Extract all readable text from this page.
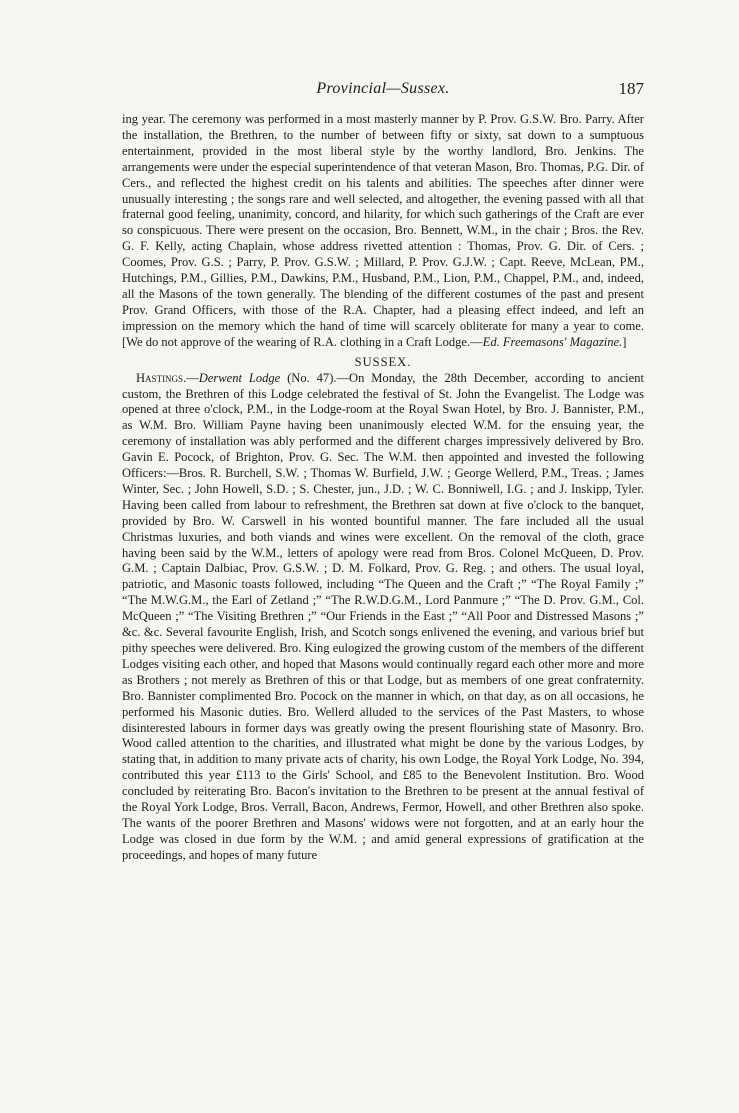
Provincial—Sussex.	187

ing year. The ceremony was performed in a most masterly manner by P. Prov. G.S.W. Bro. Parry. After the installation, the Brethren, to the number of between fifty or sixty, sat down to a sumptuous entertainment, provided in the most liberal style by the worthy landlord, Bro. Jenkins. The arrangements were under the especial superintendence of that veteran Mason, Bro. Thomas, P.G. Dir. of Cers., and reflected the highest credit on his talents and abilities. The speeches after dinner were unusually interesting ; the songs rare and well selected, and altogether, the evening passed with all that fraternal good feeling, unanimity, concord, and hilarity, for which such gatherings of the Craft are ever so conspicuous. There were present on the occasion, Bro. Bennett, W.M., in the chair ; Bros. the Rev. G. F. Kelly, acting Chaplain, whose address rivetted attention : Thomas, Prov. G. Dir. of Cers. ; Coomes, Prov. G.S. ; Parry, P. Prov. G.S.W. ; Millard, P. Prov. G.J.W. ; Capt. Reeve, McLean, PM., Hutchings, P.M., Gillies, P.M., Dawkins, P.M., Husband, P.M., Lion, P.M., Chappel, P.M., and, indeed, all the Masons of the town generally. The blending of the different costumes of the past and present Prov. Grand Officers, with those of the R.A. Chapter, had a pleasing effect indeed, and left an impression on the memory which the hand of time will scarcely obliterate for many a year to come. [We do not approve of the wearing of R.A. clothing in a Craft Lodge.—Ed. Freemasons' Magazine.]

SUSSEX.

Hastings.—Derwent Lodge (No. 47).—On Monday, the 28th December, according to ancient custom, the Brethren of this Lodge celebrated the festival of St. John the Evangelist. The Lodge was opened at three o'clock, P.M., in the Lodge-room at the Royal Swan Hotel, by Bro. J. Bannister, P.M., as W.M. Bro. William Payne having been unanimously elected W.M. for the ensuing year, the ceremony of installation was ably performed and the different charges impressively delivered by Bro. Gavin E. Pocock, of Brighton, Prov. G. Sec. The W.M. then appointed and invested the following Officers:—Bros. R. Burchell, S.W. ; Thomas W. Burfield, J.W. ; George Wellerd, P.M., Treas. ; James Winter, Sec. ; John Howell, S.D. ; S. Chester, jun., J.D. ; W. C. Bonniwell, I.G. ; and J. Inskipp, Tyler. Having been called from labour to refreshment, the Brethren sat down at five o'clock to the banquet, provided by Bro. W. Carswell in his wonted bountiful manner. The fare included all the usual Christmas luxuries, and both viands and wines were excellent. On the removal of the cloth, grace having been said by the W.M., letters of apology were read from Bros. Colonel McQueen, D. Prov. G.M. ; Captain Dalbiac, Prov. G.S.W. ; D. M. Folkard, Prov. G. Reg. ; and others. The usual loyal, patriotic, and Masonic toasts followed, including “The Queen and the Craft ;” “The Royal Family ;” “The M.W.G.M., the Earl of Zetland ;” “The R.W.D.G.M., Lord Panmure ;” “The D. Prov. G.M., Col. McQueen ;” “The Visiting Brethren ;” “Our Friends in the East ;” “All Poor and Distressed Masons ;” &c. &c. Several favourite English, Irish, and Scotch songs enlivened the evening, and various brief but pithy speeches were delivered. Bro. King eulogized the growing custom of the members of the different Lodges visiting each other, and hoped that Masons would continually regard each other more and more as Brothers ; not merely as Brethren of this or that Lodge, but as members of one great confraternity. Bro. Bannister complimented Bro. Pocock on the manner in which, on that day, as on all occasions, he performed his Masonic duties. Bro. Wellerd alluded to the services of the Past Masters, to whose disinterested labours in former days was greatly owing the present flourishing state of Masonry. Bro. Wood called attention to the charities, and illustrated what might be done by the various Lodges, by stating that, in addition to many private acts of charity, his own Lodge, the Royal York Lodge, No. 394, contributed this year £113 to the Girls' School, and £85 to the Benevolent Institution. Bro. Wood concluded by reiterating Bro. Bacon's invitation to the Brethren to be present at the annual festival of the Royal York Lodge, Bros. Verrall, Bacon, Andrews, Fermor, Howell, and other Brethren also spoke. The wants of the poorer Brethren and Masons' widows were not forgotten, and at an early hour the Lodge was closed in due form by the W.M. ; and amid general expressions of gratification at the proceedings, and hopes of many future
